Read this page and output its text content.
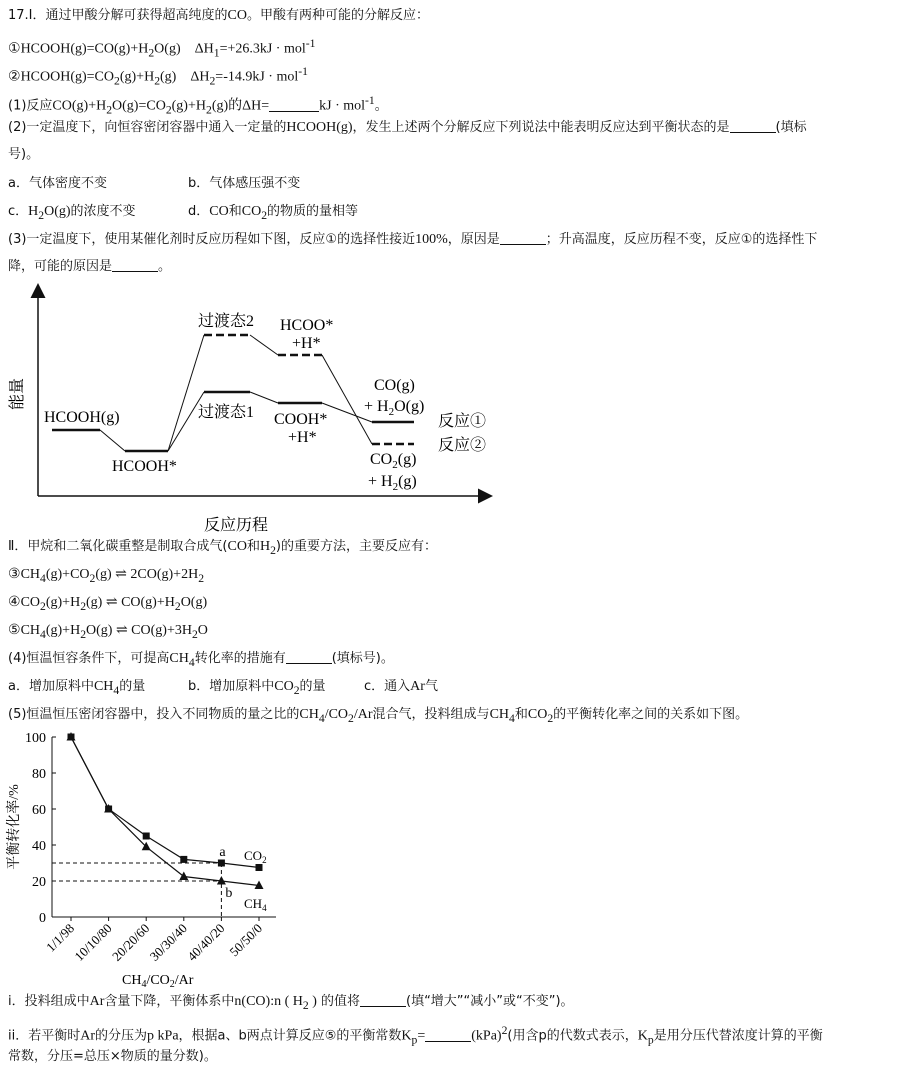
17.Ⅰ．通过甲酸分解可获得超高纯度的CO。甲酸有两种可能的分解反应：
$①HCOOH(g)=CO(g)+H_2O(g) \Delta H_1=+26.3kJ \cdot mol^{-1}$
$②HCOOH(g)=CO_2(g)+H_2(g) \Delta H_2=-14.9kJ \cdot mol^{-1}$
(1)反应$CO(g)+H_2O(g)=CO_2(g)+H_2(g)$的ΔH=	kJ · mol$^{-1}$。
(2)一定温度下，向恒容密闭容器中通入一定量的HCOOH(g)，发生上述两个分解反应下列说法中能表明反应达到平衡状态的是	(填标
号)。
a．气体密度不变	b．气体感压强不变
c．$H_2O(g)$的浓度不变	d．CO和$CO_2$的物质的量相等
(3)一定温度下，使用某催化剂时反应历程如下图，反应①的选择性接近100%，原因是	；升高温度，反应历程不变，反应①的选择性下
降，可能的原因是	。
能量
反应历程
HCOOH(g)
HCOOH*
过渡态2
过渡态1
HCOO*
+H*
COOH*
+H*
CO(g)
+ $H_2O(g)$
$CO_2(g)$
+ $H_2(g)$
反应①
反应②
Ⅱ．甲烷和二氧化碳重整是制取合成气(CO和$H_2$)的重要方法，主要反应有：
$③CH_4(g)+CO_2(g)$ ⇌ $2CO(g)+2H_2$
$④CO_2(g)+H_2(g)$ ⇌ $CO(g)+H_2O(g)$
$⑤CH_4(g)+H_2O(g)$ ⇌ $CO(g)+3H_2O$
(4)恒温恒容条件下，可提高$CH_4$转化率的措施有	(填标号)。
a．增加原料中$CH_4$的量	b．增加原料中$CO_2$的量	c．通入Ar气
(5)恒温恒压密闭容器中，投入不同物质的量之比的$CH_4/CO_2/Ar$混合气，投料组成与$CH_4$和$CO_2$的平衡转化率之间的关系如下图。
0
20
40
60
80
100
1/1/98
10/10/80
20/20/60
30/30/40
40/40/20
50/50/0
a
b
平衡转化率/%
$CH_4/CO_2/Ar$
$CO_2$
$CH_4$
i．投料组成中Ar含量下降，平衡体系中n(CO):n ( $H_2$ ) 的值将	(填“增大”“减小”或“不变”)。
ii．若平衡时Ar的分压为p kPa，根据a、b两点计算反应⑤的平衡常数$K_p=$	(kPa)$^2$(用含p的代数式表示，$K_p$是用分压代替浓度计算的平衡
常数，分压=总压×物质的量分数)。
